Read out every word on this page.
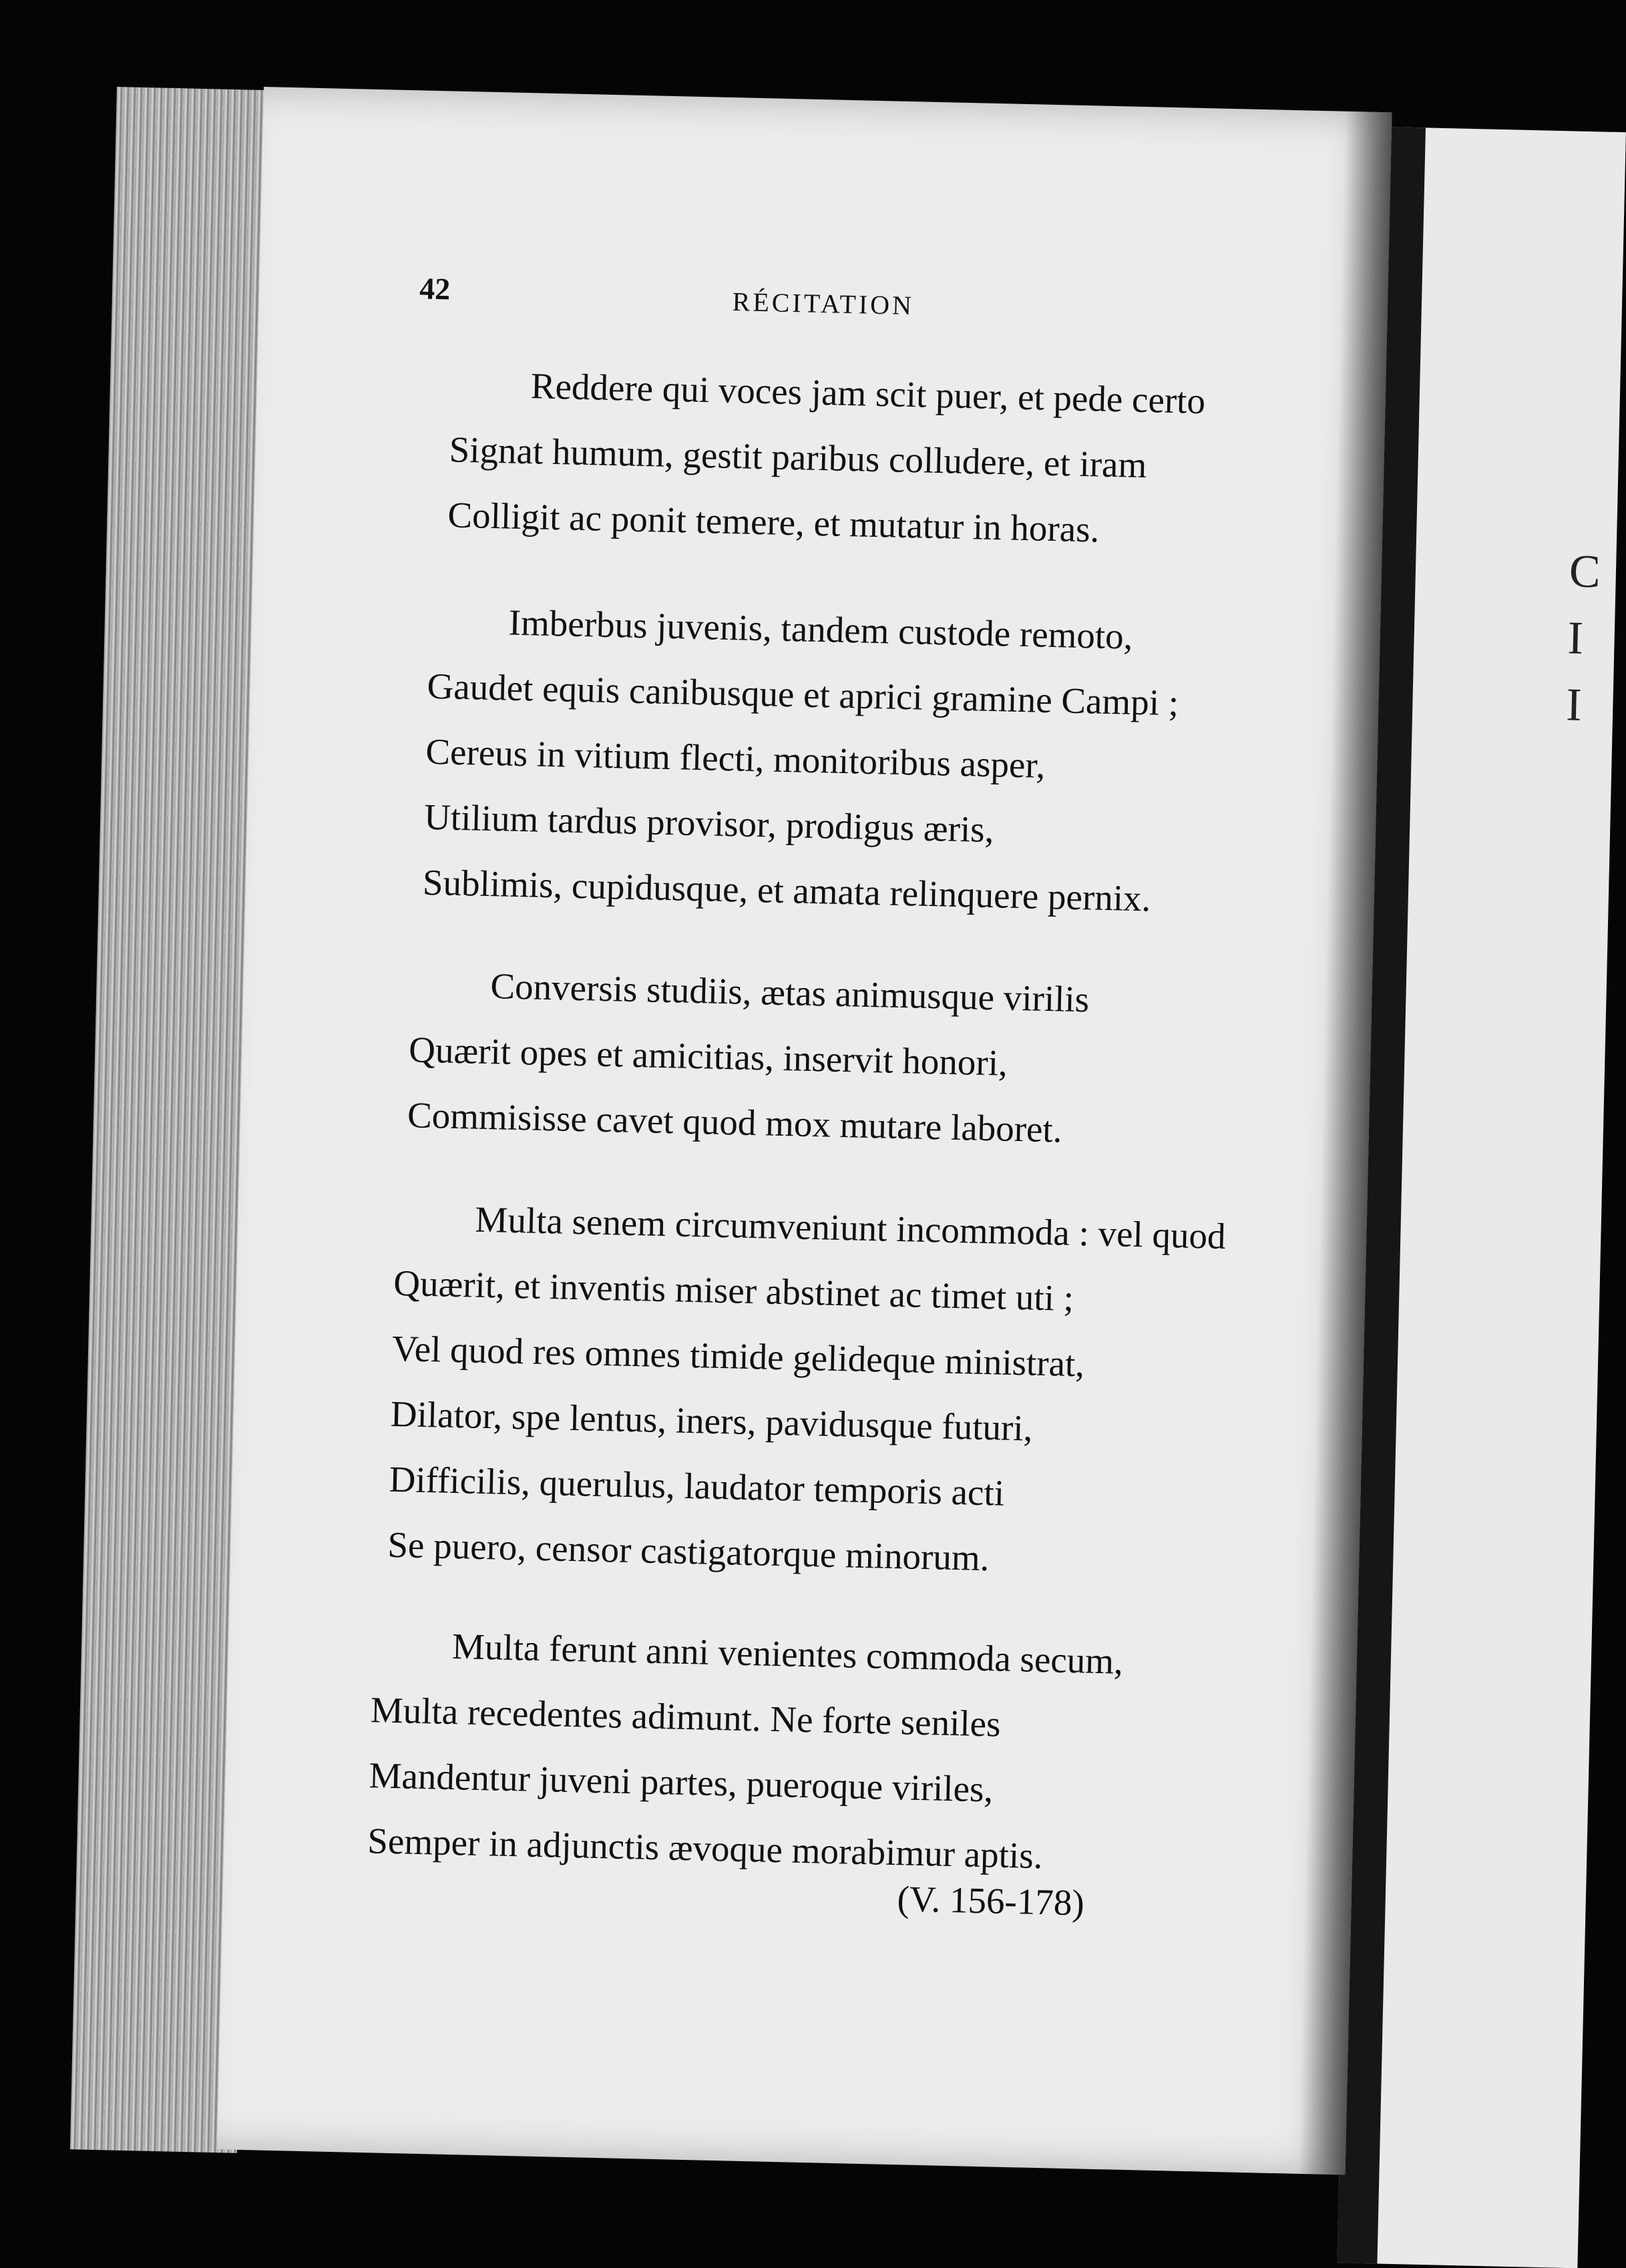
C
I
I
42	RÉCITATION
Reddere qui voces jam scit puer, et pede certo
Signat humum, gestit paribus colludere, et iram
Colligit ac ponit temere, et mutatur in horas.
Imberbus juvenis, tandem custode remoto,
Gaudet equis canibusque et aprici gramine Campi ;
Cereus in vitium flecti, monitoribus asper,
Utilium tardus provisor, prodigus æris,
Sublimis, cupidusque, et amata relinquere pernix.
Conversis studiis, ætas animusque virilis
Quærit opes et amicitias, inservit honori,
Commisisse cavet quod mox mutare laboret.
Multa senem circumveniunt incommoda : vel quod
Quærit, et inventis miser abstinet ac timet uti ;
Vel quod res omnes timide gelideque ministrat,
Dilator, spe lentus, iners, pavidusque futuri,
Difficilis, querulus, laudator temporis acti
Se puero, censor castigatorque minorum.
Multa ferunt anni venientes commoda secum,
Multa recedentes adimunt. Ne forte seniles
Mandentur juveni partes, pueroque viriles,
Semper in adjunctis ævoque morabimur aptis.
(V. 156-178)
